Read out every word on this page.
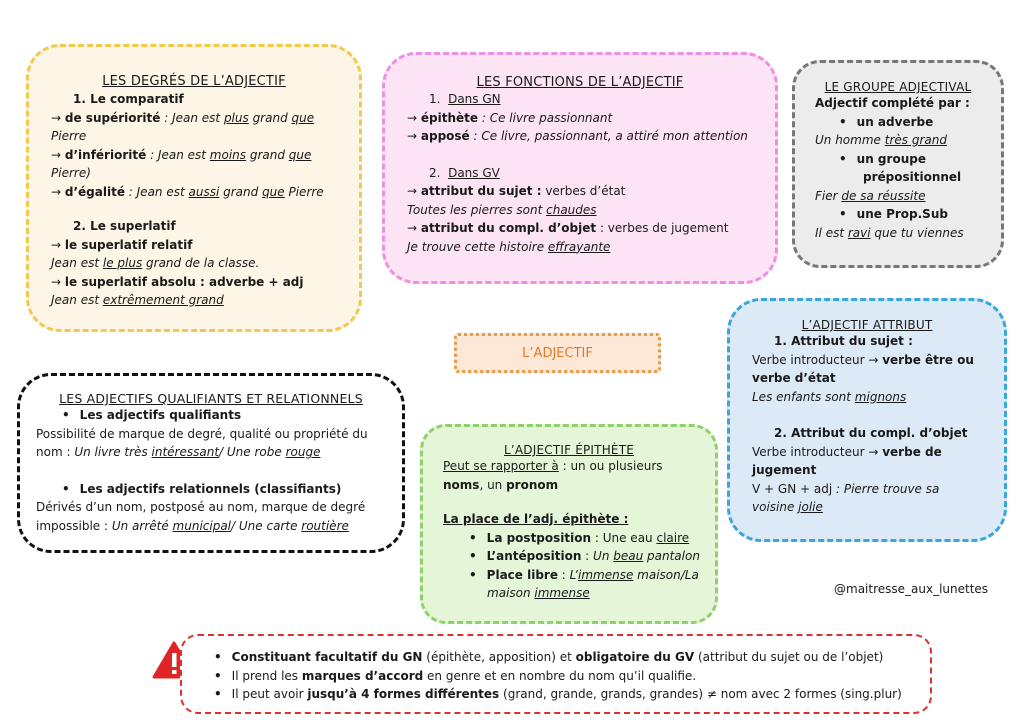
LES DEGRÉS DE L’ADJECTIF

1. Le comparatif

→ de supériorité : Jean est plus grand que

Pierre

→ d’infériorité : Jean est moins grand que

Pierre)

→ d’égalité : Jean est aussi grand que Pierre

2. Le superlatif

→ le superlatif relatif

Jean est le plus grand de la classe.

→ le superlatif absolu : adverbe + adj

Jean est extrêmement grand

LES FONCTIONS DE L’ADJECTIF

1.  Dans GN

→ épithète : Ce livre passionnant

→ apposé : Ce livre, passionnant, a attiré mon attention

2.  Dans GV

→ attribut du sujet : verbes d’état

Toutes les pierres sont chaudes

→ attribut du compl. d’objet : verbes de jugement

Je trouve cette histoire effrayante

LE GROUPE ADJECTIVAL

Adjectif complété par :

• un adverbe

Un homme très grand

• un groupe

prépositionnel

Fier de sa réussite

• une Prop.Sub

Il est ravi que tu viennes

L’ADJECTIF
L’ADJECTIF ATTRIBUT

1. Attribut du sujet :

Verbe introducteur → verbe être ou

verbe d’état

Les enfants sont mignons

2. Attribut du compl. d’objet

Verbe introducteur → verbe de

jugement

V + GN + adj : Pierre trouve sa

voisine jolie

LES ADJECTIFS QUALIFIANTS ET RELATIONNELS

• Les adjectifs qualifiants

Possibilité de marque de degré, qualité ou propriété du

nom : Un livre très intéressant/ Une robe rouge

• Les adjectifs relationnels (classifiants)

Dérivés d’un nom, postposé au nom, marque de degré

impossible : Un arrêté municipal/ Une carte routière

L’ADJECTIF ÉPITHÈTE

Peut se rapporter à : un ou plusieurs

noms, un pronom

La place de l’adj. épithète :

• La postposition : Une eau claire

• L’antéposition : Un beau pantalon

• Place libre : L’immense maison/La

maison immense	@maitresse_aux_lunettes

• Constituant facultatif du GN (épithète, apposition) et obligatoire du GV (attribut du sujet ou de l’objet)

• Il prend les marques d’accord en genre et en nombre du nom qu’il qualifie.

• Il peut avoir jusqu’à 4 formes différentes (grand, grande, grands, grandes) ≠ nom avec 2 formes (sing.plur)
